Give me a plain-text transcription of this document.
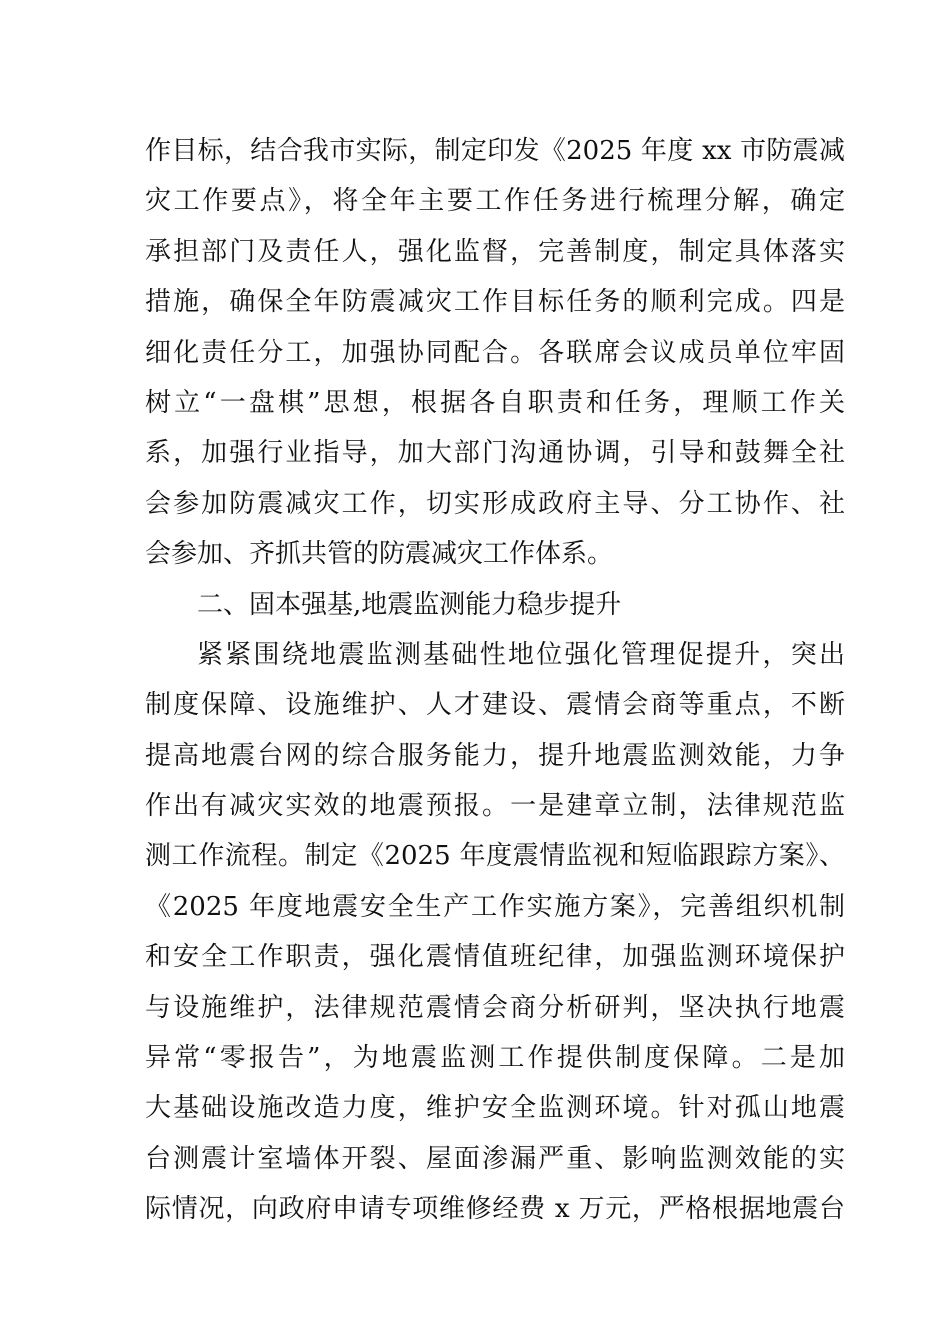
作目标，结合我市实际，制定印发《2025 年度 xx 市防震减
灾工作要点》，将全年主要工作任务进行梳理分解，确定
承担部门及责任人，强化监督，完善制度，制定具体落实
措施，确保全年防震减灾工作目标任务的顺利完成。四是
细化责任分工，加强协同配合。各联席会议成员单位牢固
树立“一盘棋”思想，根据各自职责和任务，理顺工作关
系，加强行业指导，加大部门沟通协调，引导和鼓舞全社
会参加防震减灾工作，切实形成政府主导、分工协作、社
会参加、齐抓共管的防震减灾工作体系。
二、固本强基,地震监测能力稳步提升
紧紧围绕地震监测基础性地位强化管理促提升，突出
制度保障、设施维护、人才建设、震情会商等重点，不断
提高地震台网的综合服务能力，提升地震监测效能，力争
作出有减灾实效的地震预报。一是建章立制，法律规范监
测工作流程。制定《2025 年度震情监视和短临跟踪方案》、
《2025 年度地震安全生产工作实施方案》，完善组织机制
和安全工作职责，强化震情值班纪律，加强监测环境保护
与设施维护，法律规范震情会商分析研判，坚决执行地震
异常“零报告”，为地震监测工作提供制度保障。二是加
大基础设施改造力度，维护安全监测环境。针对孤山地震
台测震计室墙体开裂、屋面渗漏严重、影响监测效能的实
际情况，向政府申请专项维修经费 x 万元，严格根据地震台
